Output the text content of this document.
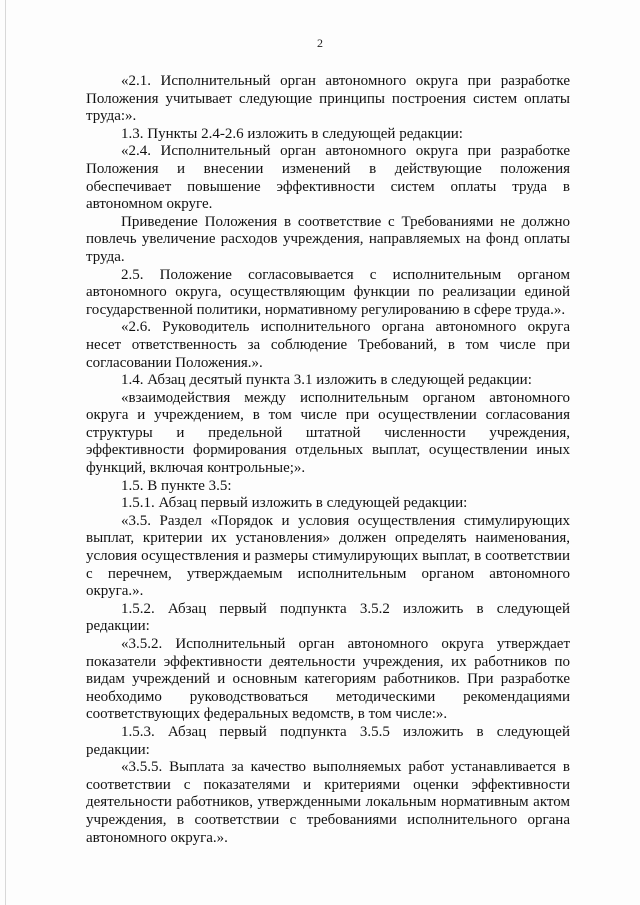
2

«2.1. Исполнительный орган автономного округа при разработке Положения учитывает следующие принципы построения систем оплаты труда:».

1.3. Пункты 2.4-2.6 изложить в следующей редакции:

«2.4. Исполнительный орган автономного округа при разработке Положения и внесении изменений в действующие положения обеспечивает повышение эффективности систем оплаты труда в автономном округе.

Приведение Положения в соответствие с Требованиями не должно повлечь увеличение расходов учреждения, направляемых на фонд оплаты труда.

2.5. Положение согласовывается с исполнительным органом автономного округа, осуществляющим функции по реализации единой государственной политики, нормативному регулированию в сфере труда.».

«2.6. Руководитель исполнительного органа автономного округа несет ответственность за соблюдение Требований, в том числе при согласовании Положения.».

1.4. Абзац десятый пункта 3.1 изложить в следующей редакции:

«взаимодействия между исполнительным органом автономного округа и учреждением, в том числе при осуществлении согласования структуры и предельной штатной численности учреждения, эффективности формирования отдельных выплат, осуществлении иных функций, включая контрольные;».

1.5. В пункте 3.5:

1.5.1. Абзац первый изложить в следующей редакции:

«3.5. Раздел «Порядок и условия осуществления стимулирующих выплат, критерии их установления» должен определять наименования, условия осуществления и размеры стимулирующих выплат, в соответствии с перечнем, утверждаемым исполнительным органом автономного округа.».

1.5.2. Абзац первый подпункта 3.5.2 изложить в следующей редакции:

«3.5.2. Исполнительный орган автономного округа утверждает показатели эффективности деятельности учреждения, их работников по видам учреждений и основным категориям работников. При разработке необходимо руководствоваться методическими рекомендациями соответствующих федеральных ведомств, в том числе:».

1.5.3. Абзац первый подпункта 3.5.5 изложить в следующей редакции:

«3.5.5. Выплата за качество выполняемых работ устанавливается в соответствии с показателями и критериями оценки эффективности деятельности работников, утвержденными локальным нормативным актом учреждения, в соответствии с требованиями исполнительного органа автономного округа.».
